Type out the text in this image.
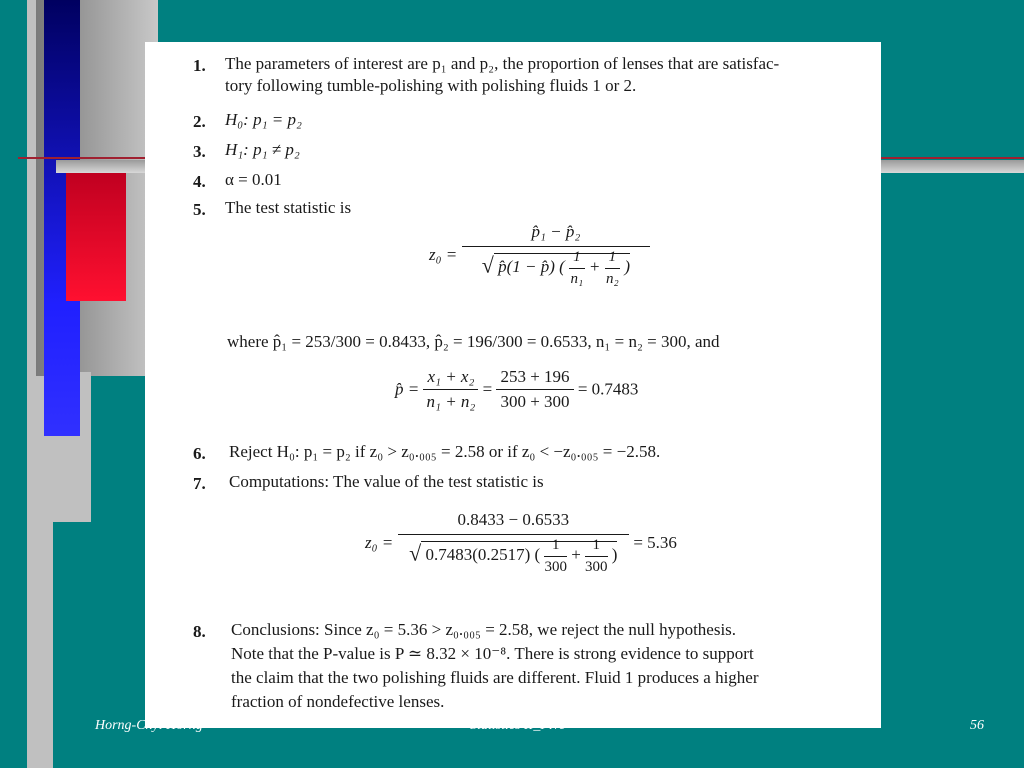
1. The parameters of interest are p₁ and p₂, the proportion of lenses that are satisfac-
tory following tumble-polishing with polishing fluids 1 or 2.
2. H₀: p₁ = p₂
3. H₁: p₁ ≠ p₂
4. α = 0.01
5. The test statistic is
z₀ =
p̂₁ − p̂₂
√ p̂(1 − p̂) ( $\frac{1}{\text{n₁}} + \frac{1}{\text{n₂}}$ )
where p̂₁ = 253/300 = 0.8433, p̂₂ = 196/300 = 0.6533, n₁ = n₂ = 300, and
p̂ = $\frac{\text{x₁ + x₂}}{\text{n₁ + n₂}} = \frac{253 + 196}{300 + 300} = 0.7483$
6. Reject H₀: p₁ = p₂ if z₀ > z₀.₀₀₅ = 2.58 or if z₀ < −z₀.₀₀₅ = −2.58.
7. Computations: The value of the test statistic is
z₀ =
0.8433 − 0.6533
√ 0.7483(0.2517) ( $\frac{1}{300} + \frac{1}{300}$ )
= 5.36
8. Conclusions: Since z₀ = 5.36 > z₀.₀₀₅ = 2.58, we reject the null hypothesis.
Note that the P-value is P ≃ 8.32 × 10⁻⁸. There is strong evidence to support
the claim that the two polishing fluids are different. Fluid 1 produces a higher
fraction of nondefective lenses.
Horng-Chyi Horng	Statistics II_Five	56
